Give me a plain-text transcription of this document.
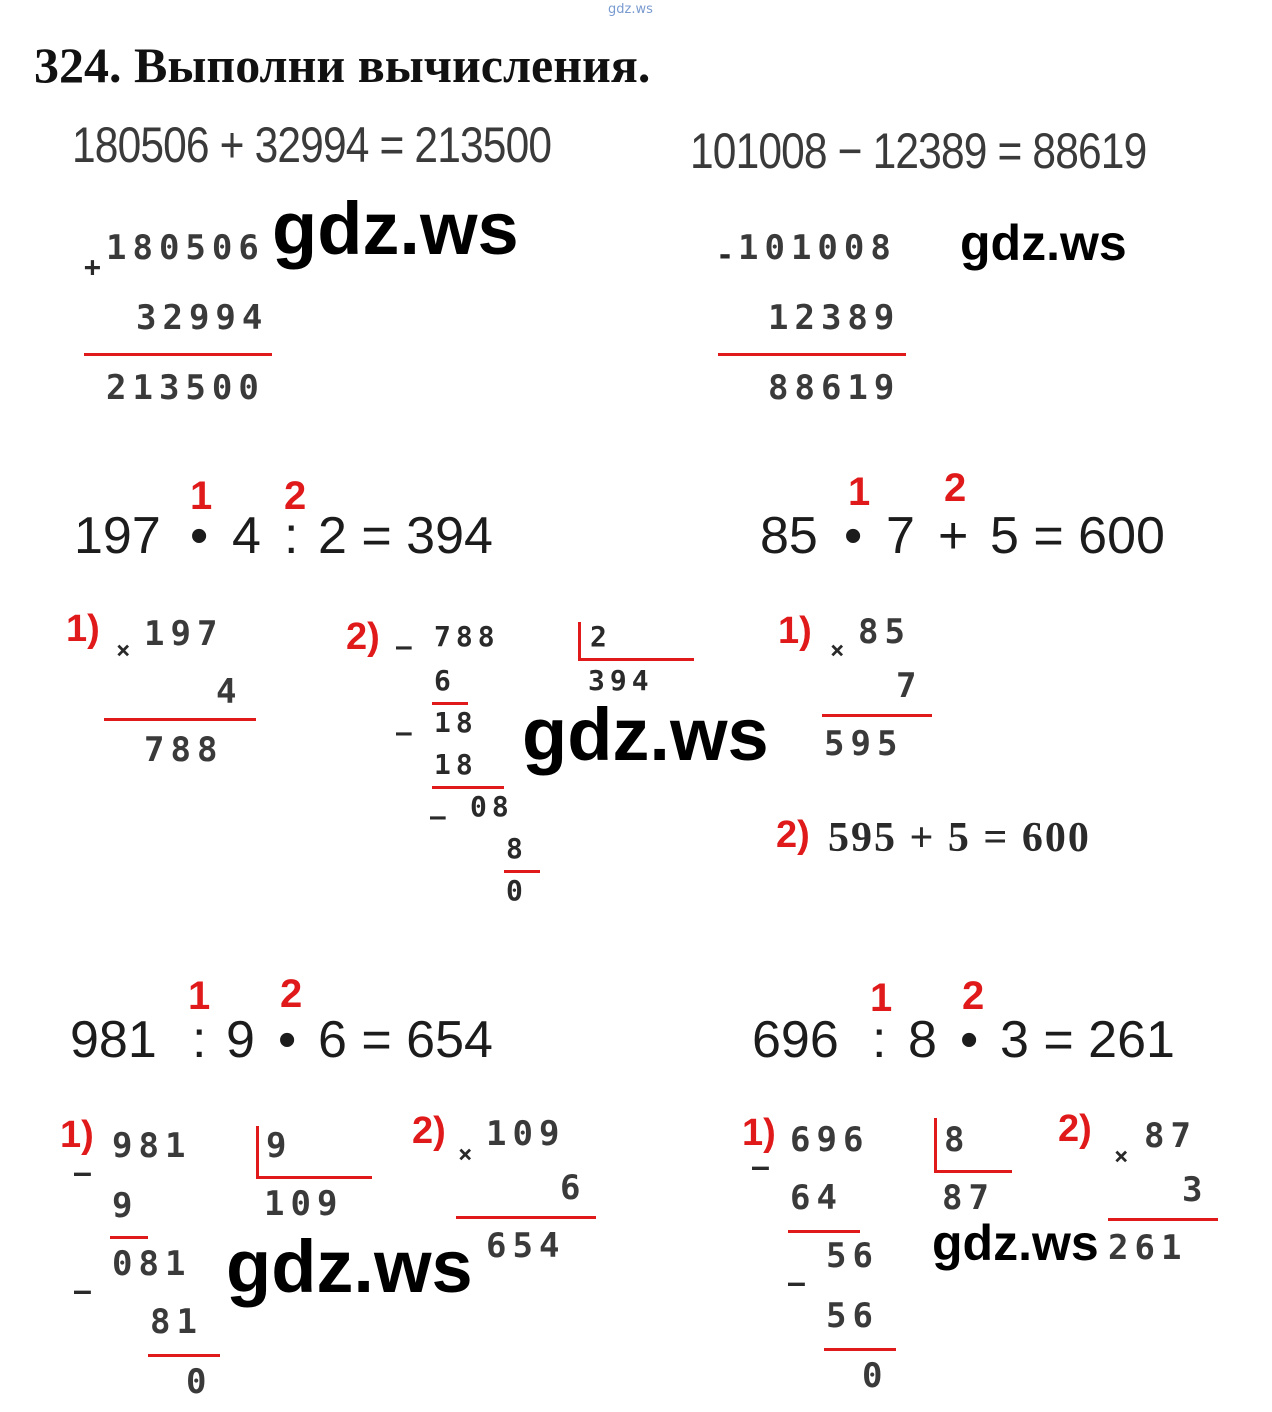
gdz.ws
324. Выполни вычисления.
180506 + 32994 = 213500
+ 180506
32994
213500
gdz.ws
101008 − 12389 = 88619
- 101008
12389
88619
gdz.ws
197 • 4 : 2 = 394
1 2
1) × 197
4
788
2) — 788	2
394
6
18
—
18
08
—
8
0
gdz.ws
85 • 7 + 5 = 600
1 2
1) × 85
7
595
2) 595 + 5 = 600
981 : 9 • 6 = 654
1 2
1) 981
—
9
109
9
081
—
81
0
2)
× 109
6
654
gdz.ws
696 : 8 • 3 = 261
1 2
1) 696
—
8
87
64
56
—
56
0
2)
× 87
3
261
gdz.ws
